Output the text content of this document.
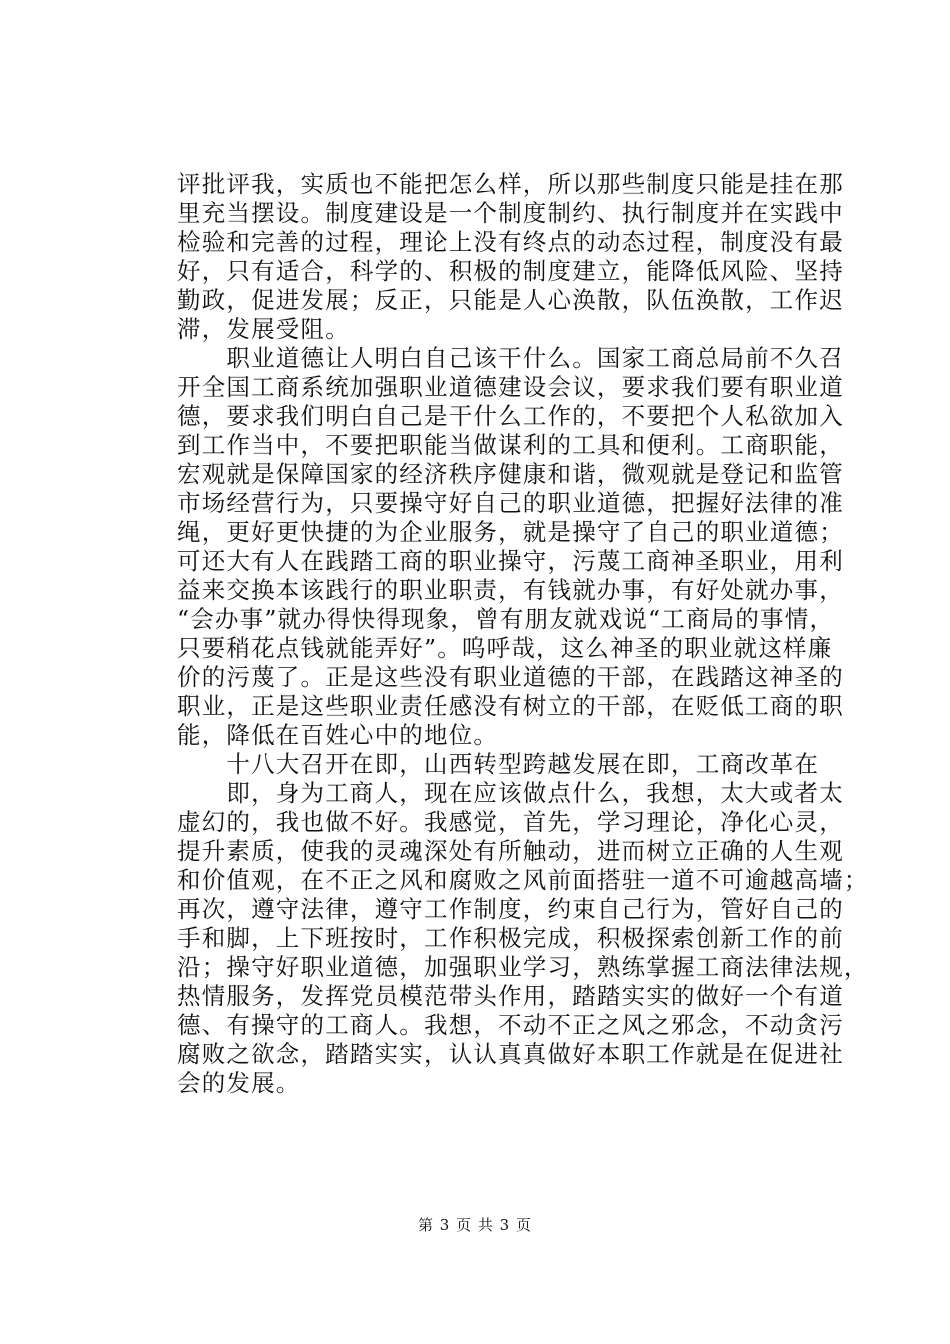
评批评我，实质也不能把怎么样，所以那些制度只能是挂在那
里充当摆设。制度建设是一个制度制约、执行制度并在实践中
检验和完善的过程，理论上没有终点的动态过程，制度没有最
好，只有适合，科学的、积极的制度建立，能降低风险、坚持
勤政，促进发展；反正，只能是人心涣散，队伍涣散，工作迟
滞，发展受阻。
　　职业道德让人明白自己该干什么。国家工商总局前不久召
开全国工商系统加强职业道德建设会议，要求我们要有职业道
德，要求我们明白自己是干什么工作的，不要把个人私欲加入
到工作当中，不要把职能当做谋利的工具和便利。工商职能，
宏观就是保障国家的经济秩序健康和谐，微观就是登记和监管
市场经营行为，只要操守好自己的职业道德，把握好法律的准
绳，更好更快捷的为企业服务，就是操守了自己的职业道德；
可还大有人在践踏工商的职业操守，污蔑工商神圣职业，用利
益来交换本该践行的职业职责，有钱就办事，有好处就办事，
“会办事”就办得快得现象，曾有朋友就戏说“工商局的事情，
只要稍花点钱就能弄好”。呜呼哉，这么神圣的职业就这样廉
价的污蔑了。正是这些没有职业道德的干部，在践踏这神圣的
职业，正是这些职业责任感没有树立的干部，在贬低工商的职
能，降低在百姓心中的地位。
　　十八大召开在即，山西转型跨越发展在即，工商改革在
　　即，身为工商人，现在应该做点什么，我想，太大或者太
虚幻的，我也做不好。我感觉，首先，学习理论，净化心灵，
提升素质，使我的灵魂深处有所触动，进而树立正确的人生观
和价值观，在不正之风和腐败之风前面搭驻一道不可逾越高墙；
再次，遵守法律，遵守工作制度，约束自己行为，管好自己的
手和脚，上下班按时，工作积极完成，积极探索创新工作的前
沿；操守好职业道德，加强职业学习，熟练掌握工商法律法规，
热情服务，发挥党员模范带头作用，踏踏实实的做好一个有道
德、有操守的工商人。我想，不动不正之风之邪念，不动贪污
腐败之欲念，踏踏实实，认认真真做好本职工作就是在促进社
会的发展。
第 3 页 共 3 页
